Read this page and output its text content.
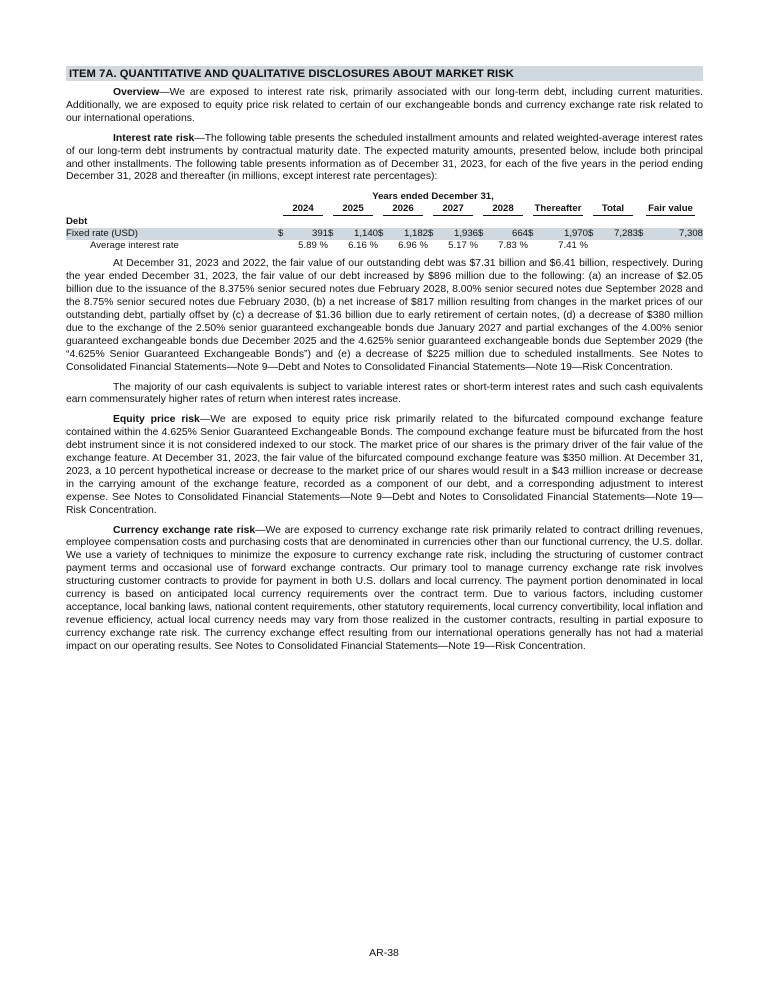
ITEM 7A. QUANTITATIVE AND QUALITATIVE DISCLOSURES ABOUT MARKET RISK

Overview—We are exposed to interest rate risk, primarily associated with our long-term debt, including current maturities. Additionally, we are exposed to equity price risk related to certain of our exchangeable bonds and currency exchange rate risk related to our international operations.

Interest rate risk—The following table presents the scheduled installment amounts and related weighted-average interest rates of our long-term debt instruments by contractual maturity date. The expected maturity amounts, presented below, include both principal and other installments. The following table presents information as of December 31, 2023, for each of the five years in the period ending December 31, 2028 and thereafter (in millions, except interest rate percentages):

	Years ended December 31,															
	2024		2025		2026		2027		2028		Thereafter		Total		Fair value	
Debt																
Fixed rate (USD)	$	391	$	1,140	$	1,182	$	1,936	$	664	$	1,970	$	7,283	$	7,308
Average interest rate	5.89 %		6.16 %		6.96 %		5.17 %		7.83 %		7.41 %					

At December 31, 2023 and 2022, the fair value of our outstanding debt was $7.31 billion and $6.41 billion, respectively. During the year ended December 31, 2023, the fair value of our debt increased by $896 million due to the following: (a) an increase of $2.05 billion due to the issuance of the 8.375% senior secured notes due February 2028, 8.00% senior secured notes due September 2028 and the 8.75% senior secured notes due February 2030, (b) a net increase of $817 million resulting from changes in the market prices of our outstanding debt, partially offset by (c) a decrease of $1.36 billion due to early retirement of certain notes, (d) a decrease of $380 million due to the exchange of the 2.50% senior guaranteed exchangeable bonds due January 2027 and partial exchanges of the 4.00% senior guaranteed exchangeable bonds due December 2025 and the 4.625% senior guaranteed exchangeable bonds due September 2029 (the “4.625% Senior Guaranteed Exchangeable Bonds”) and (e) a decrease of $225 million due to scheduled installments. See Notes to Consolidated Financial Statements—Note 9—Debt and Notes to Consolidated Financial Statements—Note 19—Risk Concentration.

The majority of our cash equivalents is subject to variable interest rates or short-term interest rates and such cash equivalents earn commensurately higher rates of return when interest rates increase.

Equity price risk—We are exposed to equity price risk primarily related to the bifurcated compound exchange feature contained within the 4.625% Senior Guaranteed Exchangeable Bonds. The compound exchange feature must be bifurcated from the host debt instrument since it is not considered indexed to our stock. The market price of our shares is the primary driver of the fair value of the exchange feature. At December 31, 2023, the fair value of the bifurcated compound exchange feature was $350 million. At December 31, 2023, a 10 percent hypothetical increase or decrease to the market price of our shares would result in a $43 million increase or decrease in the carrying amount of the exchange feature, recorded as a component of our debt, and a corresponding adjustment to interest expense. See Notes to Consolidated Financial Statements—Note 9—Debt and Notes to Consolidated Financial Statements—Note 19—Risk Concentration.

Currency exchange rate risk—We are exposed to currency exchange rate risk primarily related to contract drilling revenues, employee compensation costs and purchasing costs that are denominated in currencies other than our functional currency, the U.S. dollar. We use a variety of techniques to minimize the exposure to currency exchange rate risk, including the structuring of customer contract payment terms and occasional use of forward exchange contracts. Our primary tool to manage currency exchange rate risk involves structuring customer contracts to provide for payment in both U.S. dollars and local currency. The payment portion denominated in local currency is based on anticipated local currency requirements over the contract term. Due to various factors, including customer acceptance, local banking laws, national content requirements, other statutory requirements, local currency convertibility, local inflation and revenue efficiency, actual local currency needs may vary from those realized in the customer contracts, resulting in partial exposure to currency exchange rate risk. The currency exchange effect resulting from our international operations generally has not had a material impact on our operating results. See Notes to Consolidated Financial Statements—Note 19—Risk Concentration.

AR-38
